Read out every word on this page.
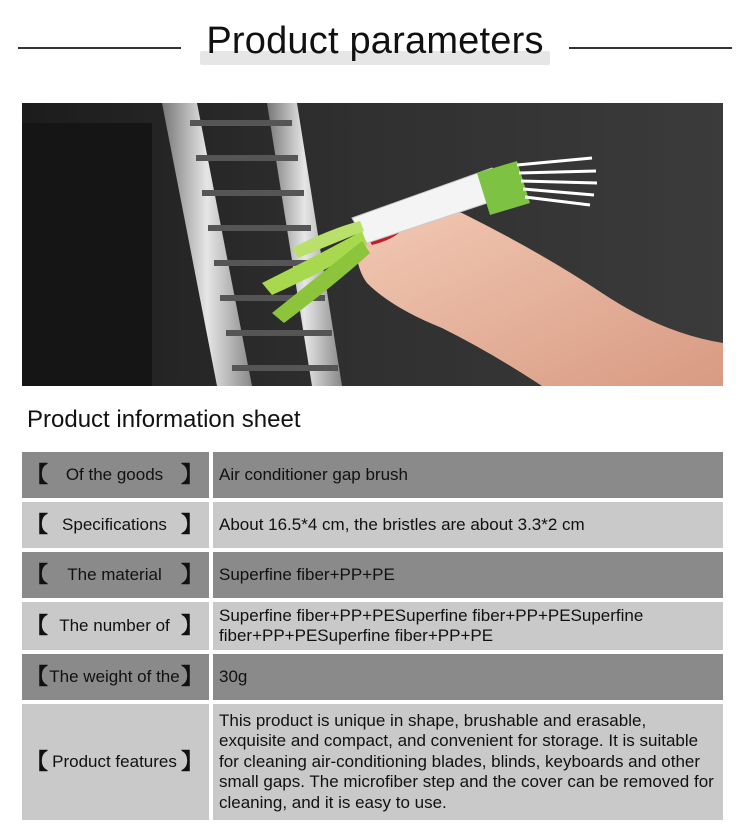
Product parameters
Product information sheet
【	Of the goods 】 Air conditioner gap brush
【 Specifications 】 About 16.5*4 cm, the bristles are about 3.3*2 cm
【	The material 】 Superfine fiber+PP+PE
【 The number of 】 Superfine fiber+PP+PESuperfine fiber+PP+PESuperfine fiber+PP+PESuperfine fiber+PP+PE
【 The weight of the 】 30g
【 Product features 】
This product is unique in shape, brushable and erasable, exquisite and compact, and convenient for storage. It is suitable for cleaning air-conditioning blades, blinds, keyboards and other small gaps. The microfiber step and the cover can be removed for cleaning, and it is easy to use.
